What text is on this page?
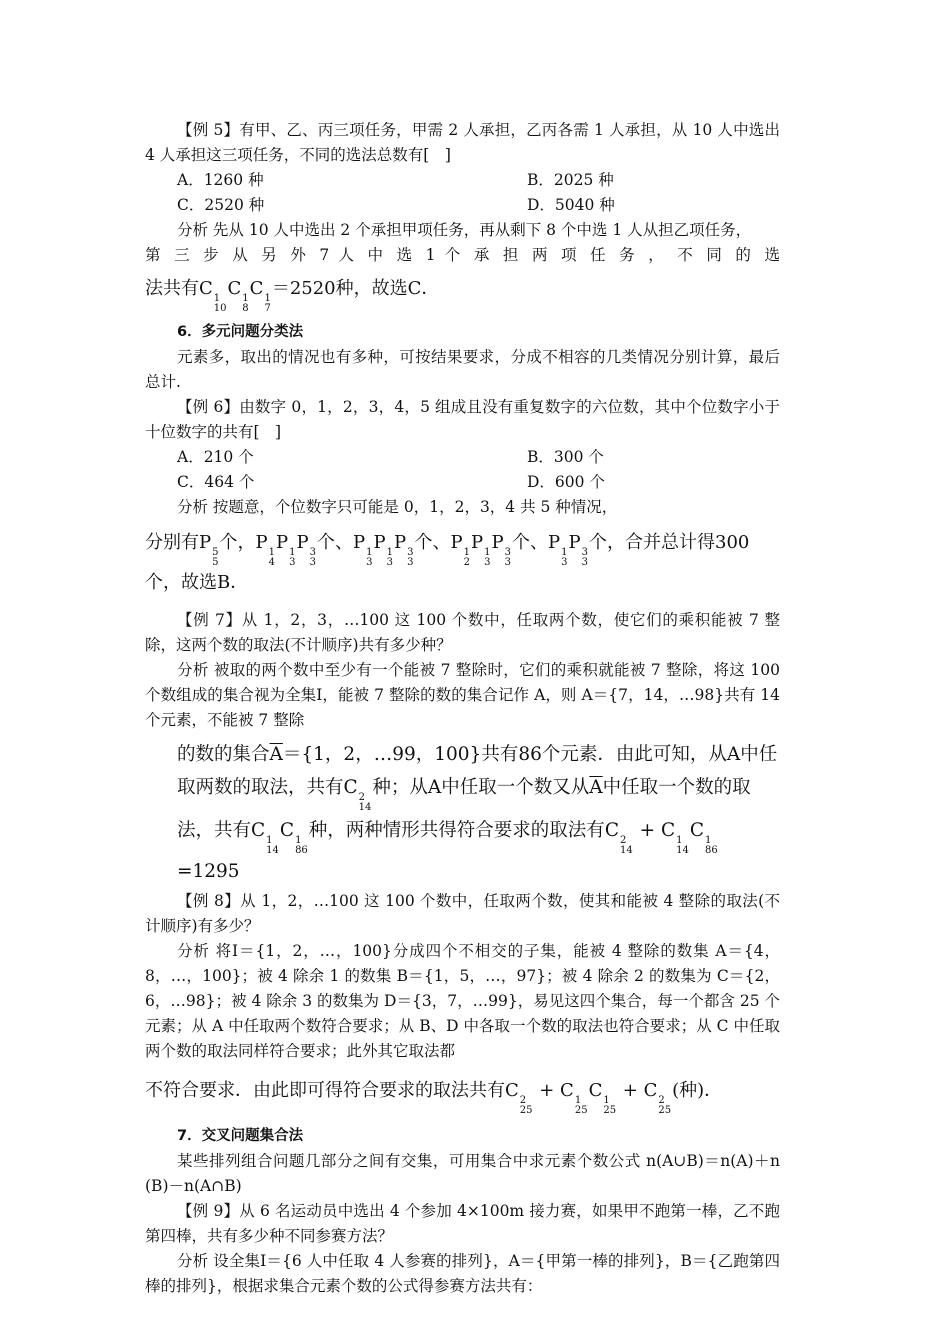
【例 5】有甲、乙、丙三项任务，甲需 2 人承担，乙丙各需 1 人承担，从 10 人中选出 4 人承担这三项任务，不同的选法总数有[　]

A．1260 种	B．2025 种
C．2520 种	D．5040 种

分析 先从 10 人中选出 2 个承担甲项任务，再从剩下 8 个中选 1 人从担乙项任务，

第 三 步 从 另 外 7 人 中 选 1 个 承 担 两 项 任 务 ， 不 同 的 选

法共有C 1
10
C 1
8
C 1
7
＝2520种，故选C．

6．多元问题分类法

元素多，取出的情况也有多种，可按结果要求，分成不相容的几类情况分别计算，最后总计.

【例 6】由数字 0，1，2，3，4，5 组成且没有重复数字的六位数，其中个位数字小于十位数字的共有[　]

A．210 个	B．300 个
C．464 个	D．600 个

分析 按题意，个位数字只可能是 0，1，2，3，4 共 5 种情况，

分别有P 5
5
个，P 1
4
P 1
3
P 3
3
个、P 1
3
P 1
3
P 3
3
个、P 1
2
P 1
3
P 3
3
个、P 1
3
P 3
3
个，合并总计得300

个，故选B．

【例 7】从 1，2，3，…100 这 100 个数中，任取两个数，使它们的乘积能被 7 整除，这两个数的取法(不计顺序)共有多少种？

分析 被取的两个数中至少有一个能被 7 整除时，它们的乘积就能被 7 整除，将这 100 个数组成的集合视为全集Ⅰ，能被 7 整除的数的集合记作 A，则 A＝{7，14，…98}共有 14 个元素，不能被 7 整除

的数的集合$\overline{A}=\{1$，2，…99，100}共有86个元素．由此可知，从A中任

取两数的取法，共有C 2
14
种；从A中任取一个数又从$\overline{A}$中任取一个数的取

法，共有C 1
14
C 1
86
种，两种情形共得符合要求的取法有C 2
14
+ C 1
14
C 1
86
=1295

【例 8】从 1，2，…100 这 100 个数中，任取两个数，使其和能被 4 整除的取法(不计顺序)有多少？

分析 将Ⅰ＝{1，2，…，100}分成四个不相交的子集，能被 4 整除的数集 A＝{4，8，…，100}；被 4 除余 1 的数集 B＝{1，5，…，97}；被 4 除余 2 的数集为 C＝{2，6，…98}；被 4 除余 3 的数集为 D＝{3，7，…99}，易见这四个集合，每一个都含 25 个元素；从 A 中任取两个数符合要求；从 B、D 中各取一个数的取法也符合要求；从 C 中任取两个数的取法同样符合要求；此外其它取法都

不符合要求．由此即可得符合要求的取法共有C 2
25
+ C 1
25
C 1
25
+ C 2
25
(种)．

7．交叉问题集合法

某些排列组合问题几部分之间有交集，可用集合中求元素个数公式 n(A∪B)＝n(A)＋n(B)－n(A∩B)

【例 9】从 6 名运动员中选出 4 个参加 4×100m 接力赛，如果甲不跑第一棒，乙不跑第四棒，共有多少种不同参赛方法？

分析 设全集Ⅰ＝{6 人中任取 4 人参赛的排列}，A＝{甲第一棒的排列}，B＝{乙跑第四棒的排列}，根据求集合元素个数的公式得参赛方法共有：
